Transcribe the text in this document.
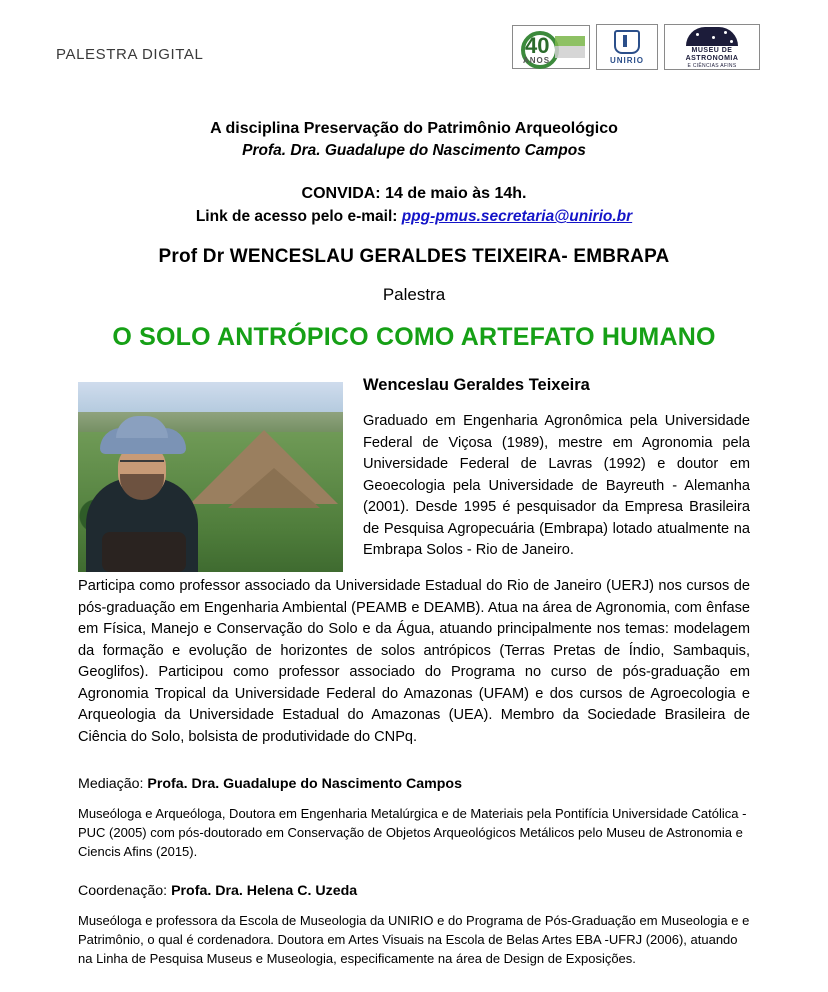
PALESTRA DIGITAL	40
ANOS	UNIRIO
MUSEU DE
ASTRONOMIA
E CIÊNCIAS AFINS
A disciplina Preservação do Patrimônio Arqueológico
Profa. Dra. Guadalupe do Nascimento Campos
CONVIDA: 14 de maio às 14h.
Link de acesso pelo e-mail: ppg-pmus.secretaria@unirio.br
Prof Dr WENCESLAU GERALDES TEIXEIRA- EMBRAPA
Palestra
O SOLO ANTRÓPICO COMO ARTEFATO HUMANO
Wenceslau Geraldes Teixeira

Graduado em Engenharia Agronômica pela Universidade Federal de Viçosa (1989), mestre em Agronomia pela Universidade Federal de Lavras (1992) e doutor em Geoecologia pela Universidade de Bayreuth - Alemanha (2001). Desde 1995 é pesquisador da Empresa Brasileira de Pesquisa Agropecuária (Embrapa) lotado atualmente na Embrapa Solos - Rio de Janeiro.

Participa como professor associado da Universidade Estadual do Rio de Janeiro (UERJ) nos cursos de pós-graduação em Engenharia Ambiental (PEAMB e DEAMB). Atua na área de Agronomia, com ênfase em Física, Manejo e Conservação do Solo e da Água, atuando principalmente nos temas: modelagem da formação e evolução de horizontes de solos antrópicos (Terras Pretas de Índio, Sambaquis, Geoglifos). Participou como professor associado do Programa no curso de pós-graduação em Agronomia Tropical da Universidade Federal do Amazonas (UFAM) e dos cursos de Agroecologia e Arqueologia da Universidade Estadual do Amazonas (UEA). Membro da Sociedade Brasileira de Ciência do Solo, bolsista de produtividade do CNPq.

Mediação: Profa. Dra. Guadalupe do Nascimento Campos
Museóloga e Arqueóloga, Doutora em Engenharia Metalúrgica e de Materiais pela Pontifícia Universidade Católica - PUC (2005) com pós-doutorado em Conservação de Objetos Arqueológicos Metálicos pelo Museu de Astronomia e Ciencis Afins (2015).
Coordenação: Profa. Dra. Helena C. Uzeda
Museóloga e professora da Escola de Museologia da UNIRIO e do Programa de Pós-Graduação em Museologia e e Patrimônio, o qual é cordenadora. Doutora em Artes Visuais na Escola de Belas Artes EBA -UFRJ (2006), atuando na Linha de Pesquisa Museus e Museologia, especificamente na área de Design de Exposições.
